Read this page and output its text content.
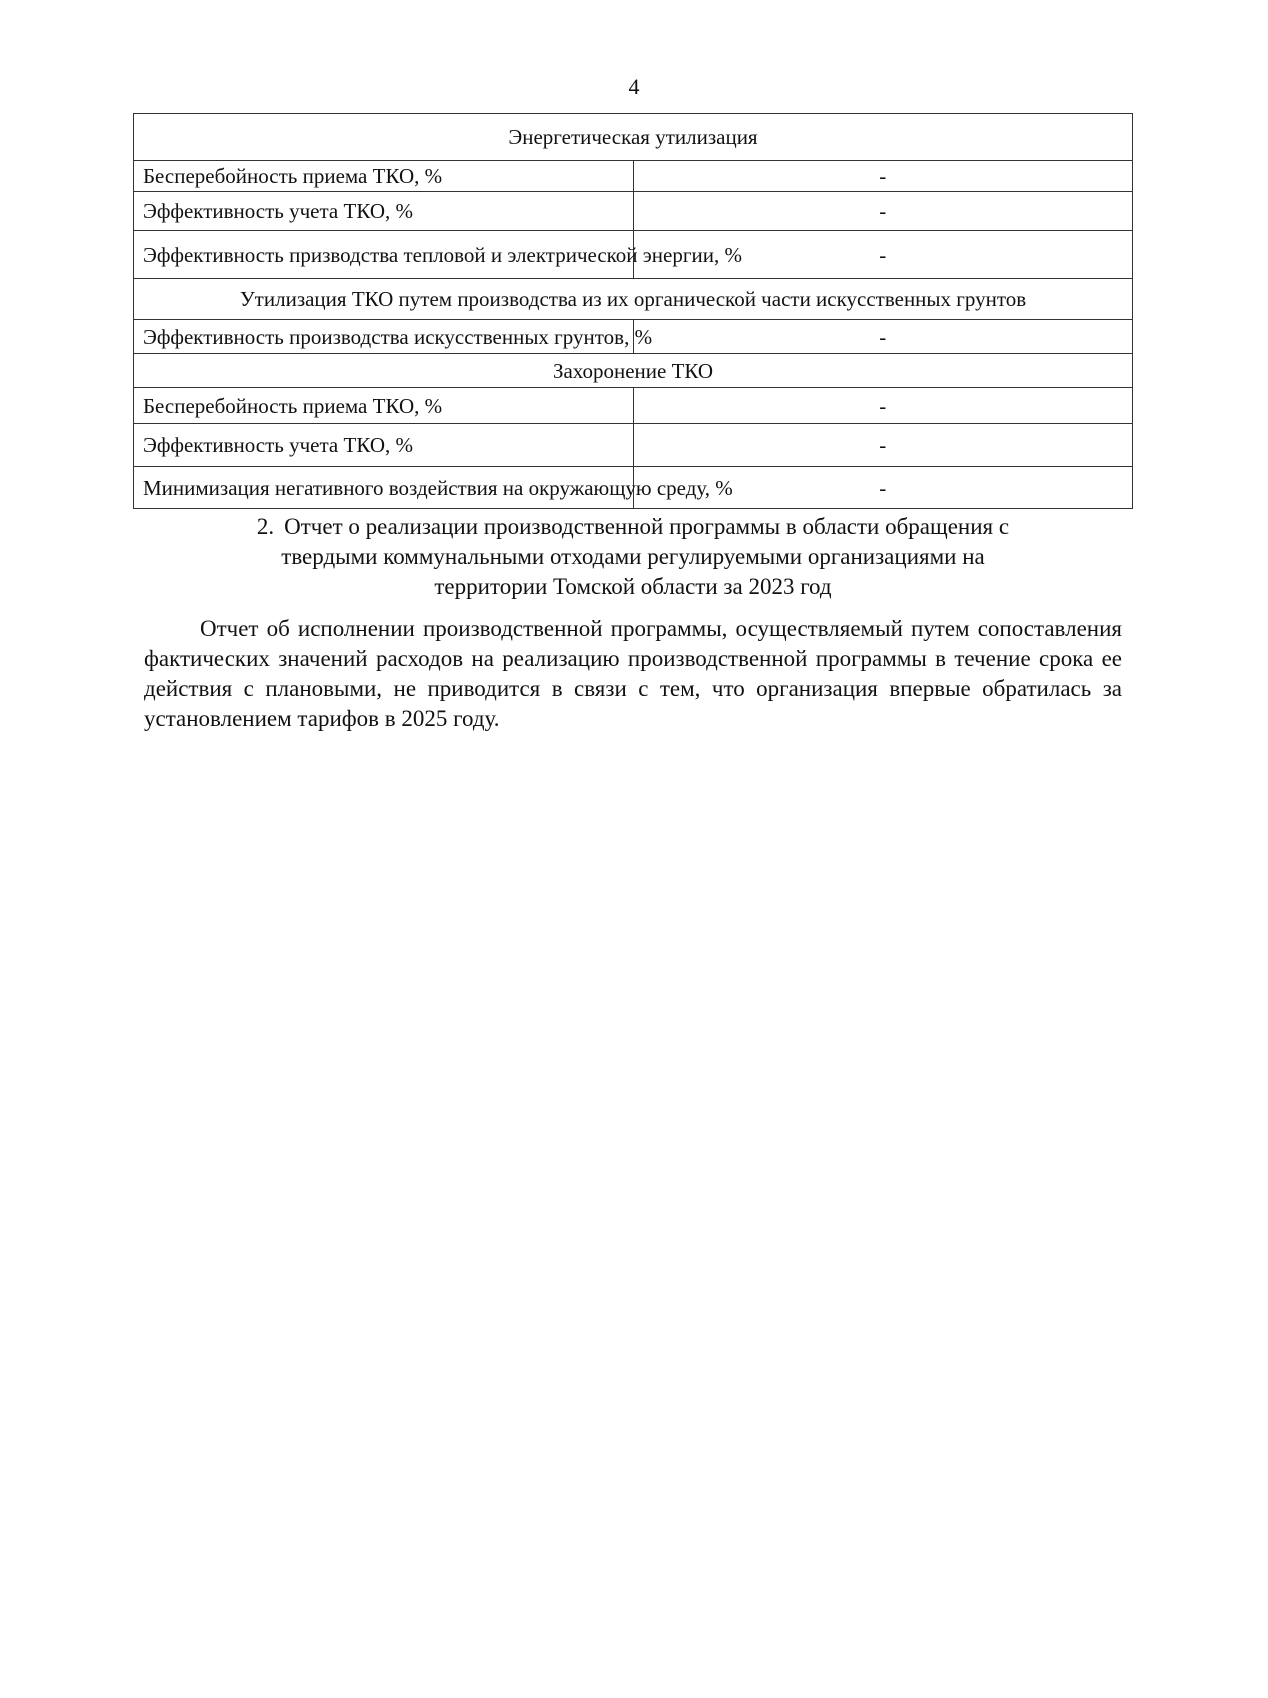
4
Энергетическая утилизация	
Бесперебойность приема ТКО, %	-
Эффективность учета ТКО, %	-
Эффективность призводства тепловой и электрической энергии, %	-
Утилизация ТКО путем производства из их органической части искусственных грунтов	
Эффективность производства искусственных грунтов, %	-
Захоронение ТКО	
Бесперебойность приема ТКО, %	-
Эффективность учета ТКО, %	-
Минимизация негативного воздействия на окружающую среду, %	-
2. Отчет о реализации производственной программы в области обращения с
твердыми коммунальными отходами регулируемыми организациями на
территории Томской области за 2023 год

Отчет об исполнении производственной программы, осуществляемый путем сопоставления фактических значений расходов на реализацию производственной программы в течение срока ее действия с плановыми, не приводится в связи с тем, что организация впервые обратилась за установлением тарифов в 2025 году.
